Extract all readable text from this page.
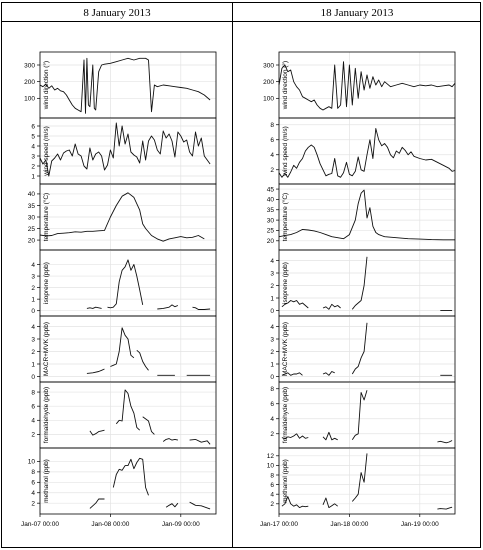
8 January 2013	18 January 2013
100
200
300 wind direction (°)
1
2
3
4
5
6 wind speed (m/s)
20
25
30
35
40 temperature (°C)
0
1
2
3
4 isoprene (ppb)
0
1
2
3
4 MACR+MVK (ppb)
2
4
6
8 formaldehyde (ppb)
2
4
6
8
10 methanol (ppb)
Jan-07 00:00	Jan-08 00:00	Jan-09 00:00
100
200
300 wind direction (°)
2
4
6
8
wind speed (m/s)
20
25
30
35
40
45
temperature (°C)
0
1
2
3
4
isoprene (ppb)
0
1
2
3
4 MACR+MVK (ppb)
2
4
6
8 formaldehyde (ppb)
2
4
6
8
10
12
methanol (ppb)
Jan-17 00:00	Jan-18 00:00	Jan-19 00:00
